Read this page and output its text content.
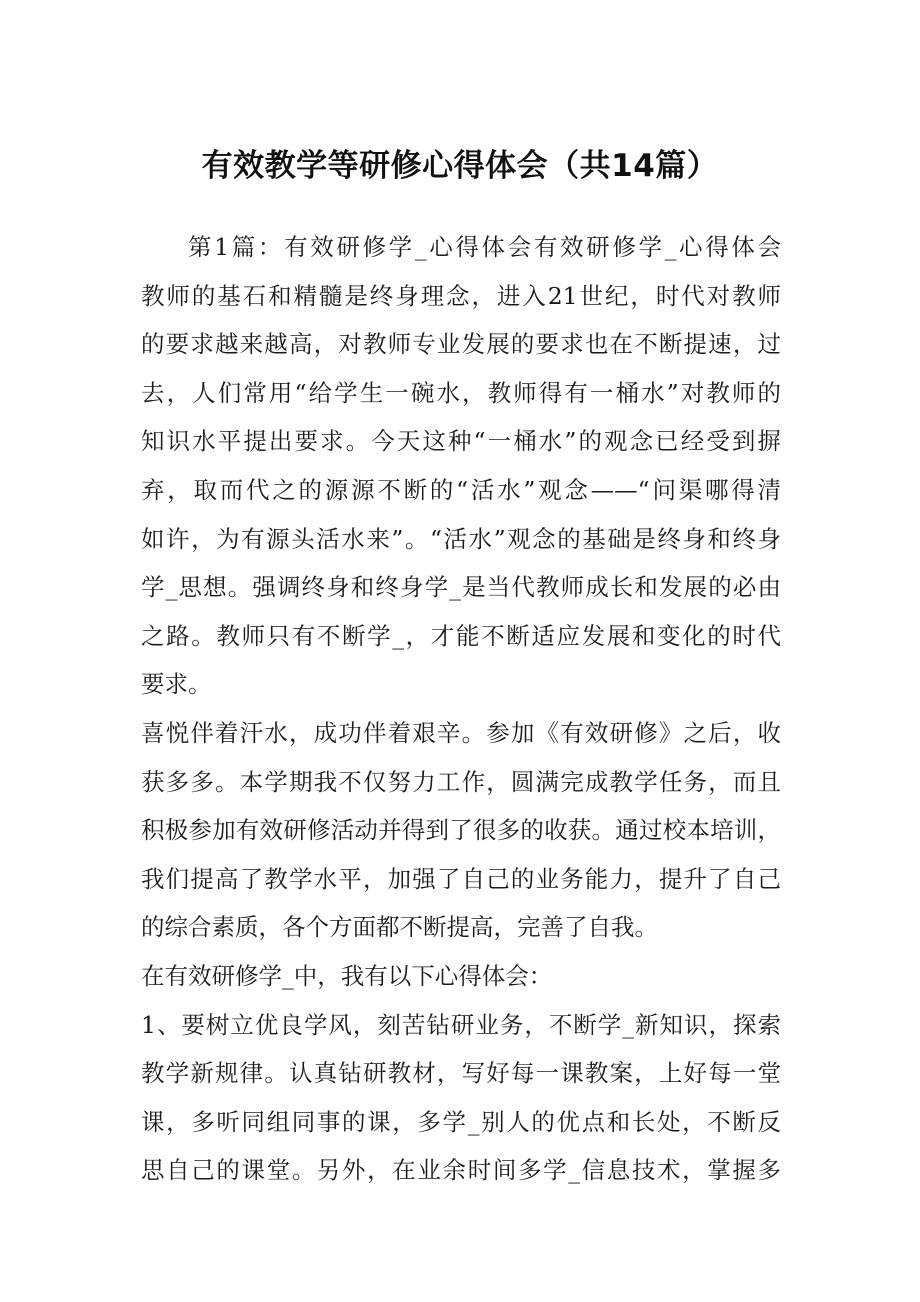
有效教学等研修心得体会（共14篇）
第1篇：有效研修学_心得体会有效研修学_心得体会
教师的基石和精髓是终身理念，进入21世纪，时代对教师
的要求越来越高，对教师专业发展的要求也在不断提速，过
去，人们常用“给学生一碗水，教师得有一桶水”对教师的
知识水平提出要求。今天这种“一桶水”的观念已经受到摒
弃，取而代之的源源不断的“活水”观念——“问渠哪得清
如许，为有源头活水来”。“活水”观念的基础是终身和终身
学_思想。强调终身和终身学_是当代教师成长和发展的必由
之路。教师只有不断学_，才能不断适应发展和变化的时代
要求。
喜悦伴着汗水，成功伴着艰辛。参加《有效研修》之后，收
获多多。本学期我不仅努力工作，圆满完成教学任务，而且
积极参加有效研修活动并得到了很多的收获。通过校本培训，
我们提高了教学水平，加强了自己的业务能力，提升了自己
的综合素质，各个方面都不断提高，完善了自我。
在有效研修学_中，我有以下心得体会：
1、要树立优良学风，刻苦钻研业务，不断学_新知识，探索
教学新规律。认真钻研教材，写好每一课教案，上好每一堂
课，多听同组同事的课，多学_别人的优点和长处，不断反
思自己的课堂。另外，在业余时间多学_信息技术，掌握多
